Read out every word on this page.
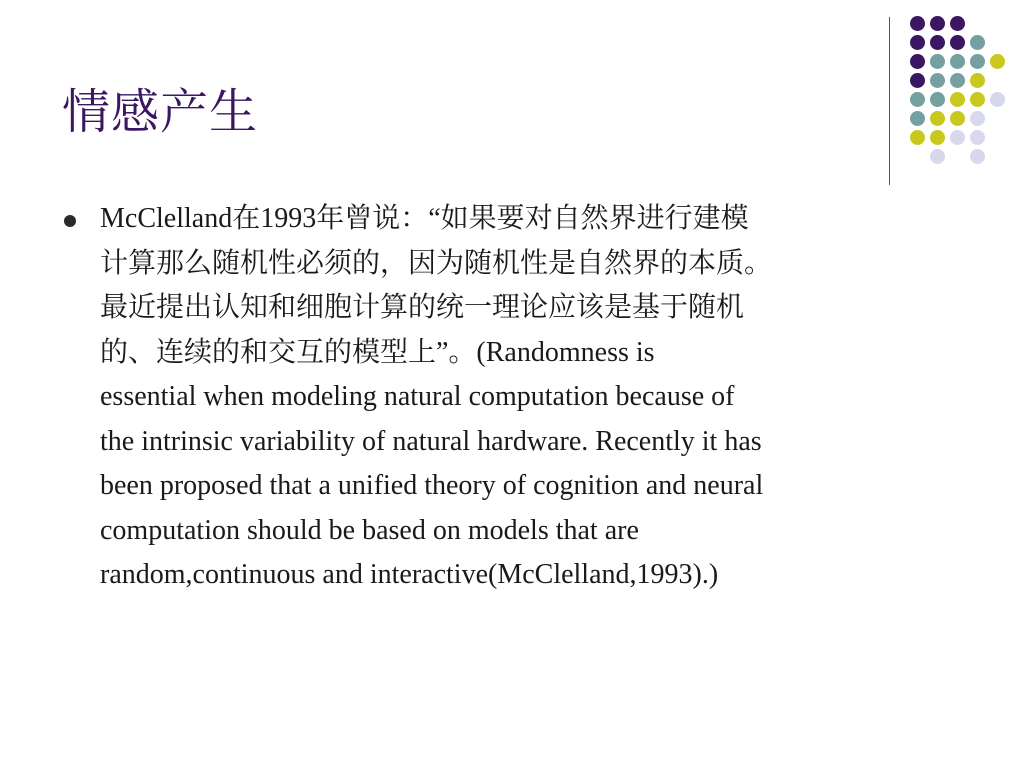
情感产生

McClelland在1993年曾说：“如果要对自然界进行建模
计算那么随机性必须的，因为随机性是自然界的本质。
最近提出认知和细胞计算的统一理论应该是基于随机
的、连续的和交互的模型上”。(Randomness is
essential when modeling natural computation because of
the intrinsic variability of natural hardware. Recently it has
been proposed that a unified theory of cognition and neural
computation should be based on models that are
random,continuous and interactive(McClelland,1993).)
